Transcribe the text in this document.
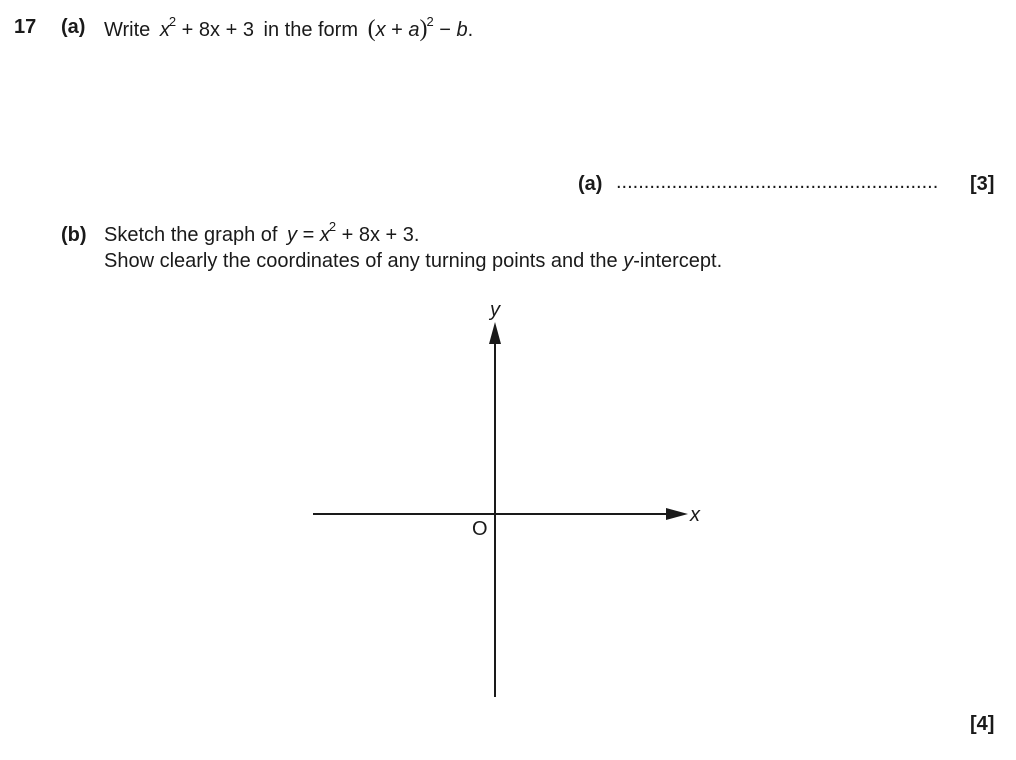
17 (a) Write $x^2 + 8x + 3$ in the form $(x + a)^2 - b$.
(a) ..........................................................	[3]
(b) Sketch the graph of $y = x^2 + 8x + 3$.
Show clearly the coordinates of any turning points and the y-intercept.
y
x
O
[4]
